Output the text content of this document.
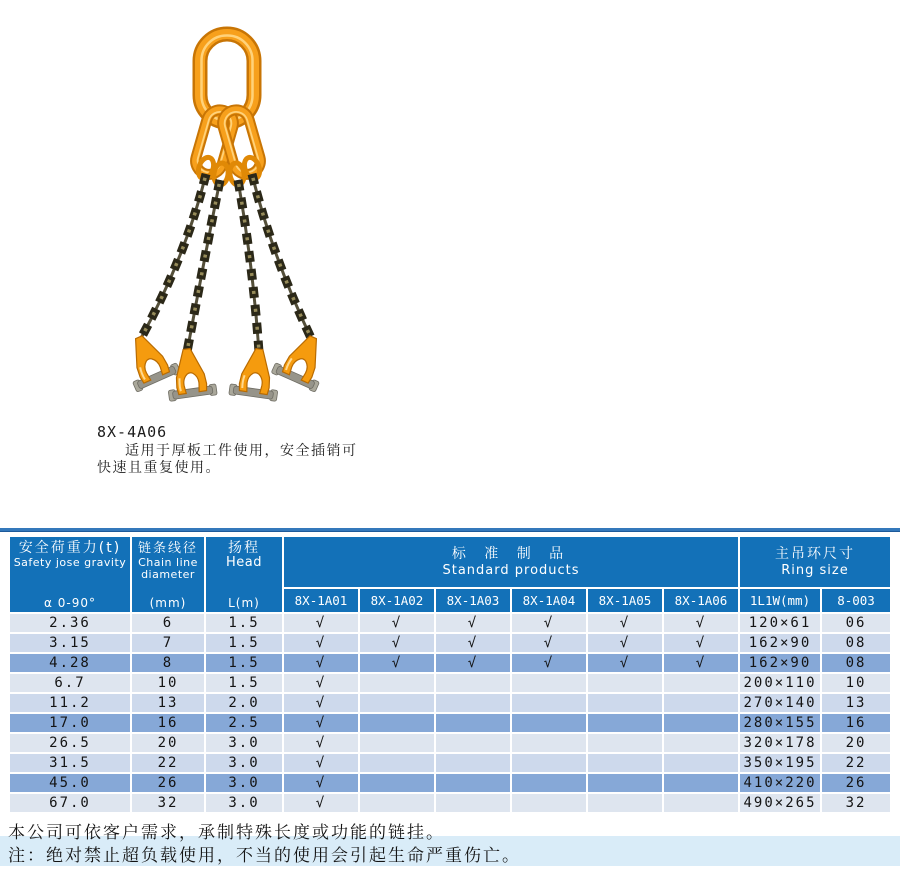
8X-4A06
适用于厚板工件使用，安全插销可快速且重复使用。
安全荷重力(t)
Safety jose gravity
α 0-90°

链条线径
Chain line
diameter
(mm)

扬程
Head
L(m)

标 准 制 品
Standard products

主吊环尺寸
Ring size

			8X-1A01	8X-1A02	8X-1A03	8X-1A04	8X-1A05	8X-1A06	1L1W(mm)	8-003
2.36	6	1.5	√	√	√	√	√	√	120×61	06
3.15	7	1.5	√	√	√	√	√	√	162×90	08
4.28	8	1.5	√	√	√	√	√	√	162×90	08
6.7	10	1.5	√						200×110	10
11.2	13	2.0	√						270×140	13
17.0	16	2.5	√						280×155	16
26.5	20	3.0	√						320×178	20
31.5	22	3.0	√						350×195	22
45.0	26	3.0	√						410×220	26
67.0	32	3.0	√						490×265	32
本公司可依客户需求，承制特殊长度或功能的链挂。
注：绝对禁止超负载使用，不当的使用会引起生命严重伤亡。
